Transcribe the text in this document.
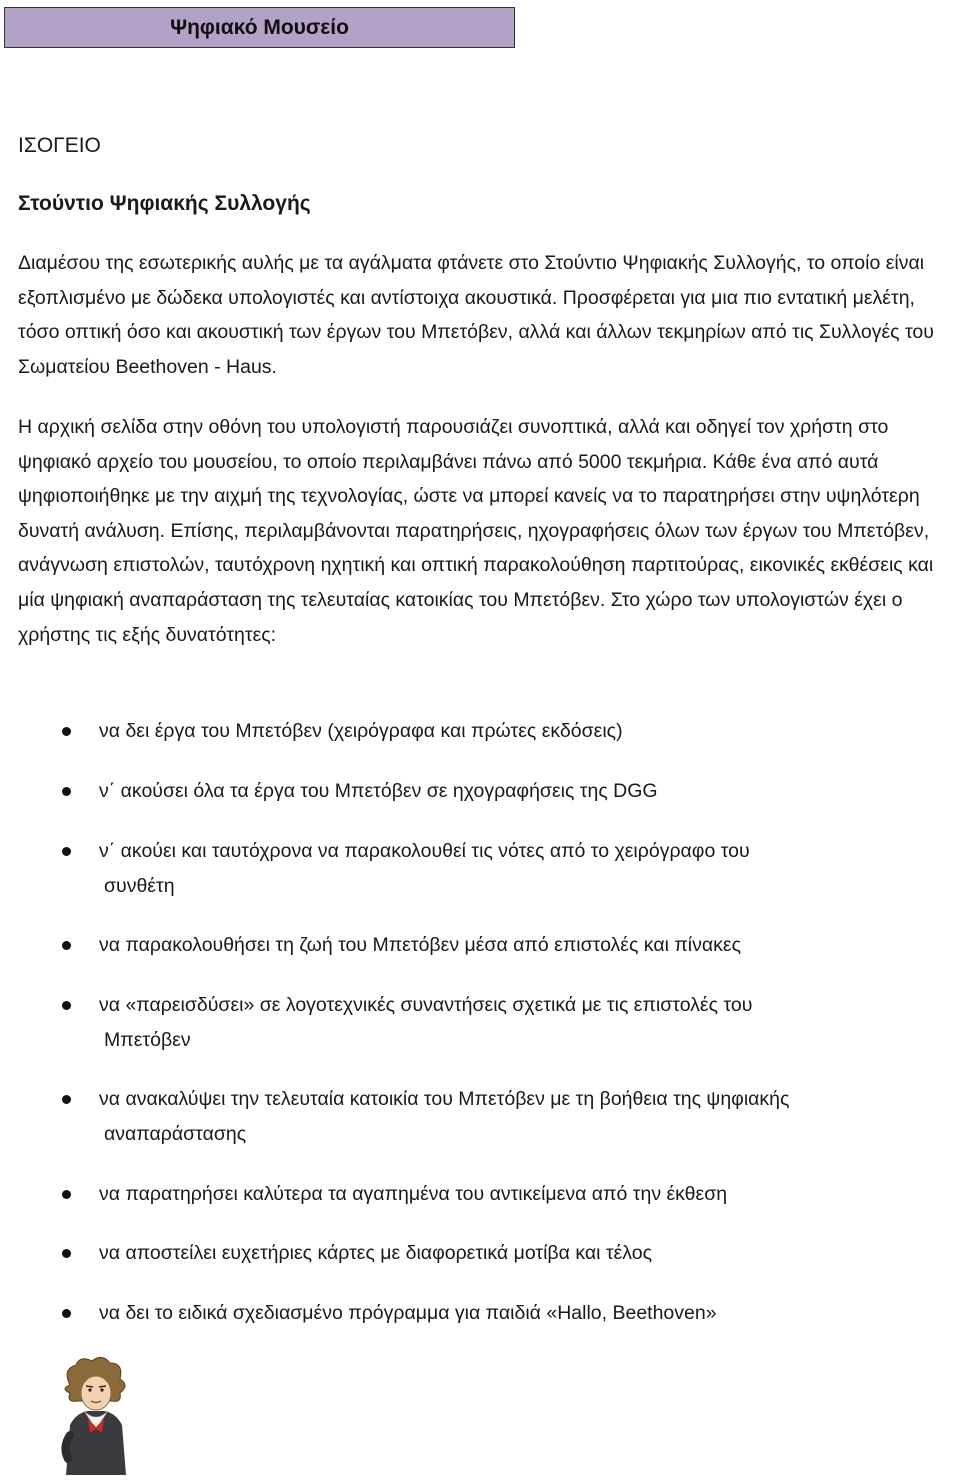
Ψηφιακό Μουσείο
ΙΣΟΓΕΙΟ
Στούντιο Ψηφιακής Συλλογής

Διαμέσου της εσωτερικής αυλής με τα αγάλματα φτάνετε στο Στούντιο Ψηφιακής Συλλογής, το οποίο είναι εξοπλισμένο με δώδεκα υπολογιστές και αντίστοιχα ακουστικά. Προσφέρεται για μια πιο εντατική μελέτη, τόσο οπτική όσο και ακουστική των έργων του Μπετόβεν, αλλά και άλλων τεκμηρίων από τις Συλλογές του Σωματείου Beethoven - Haus.

Η αρχική σελίδα στην οθόνη του υπολογιστή παρουσιάζει συνοπτικά, αλλά και οδηγεί τον χρήστη στο ψηφιακό αρχείο του μουσείου, το οποίο περιλαμβάνει πάνω από 5000 τεκμήρια. Κάθε ένα από αυτά ψηφιοποιήθηκε με την αιχμή της τεχνολογίας, ώστε να μπορεί κανείς να το παρατηρήσει στην υψηλότερη δυνατή ανάλυση. Επίσης, περιλαμβάνονται παρατηρήσεις, ηχογραφήσεις όλων των έργων του Μπετόβεν, ανάγνωση επιστολών, ταυτόχρονη ηχητική και οπτική παρακολούθηση παρτιτούρας, εικονικές εκθέσεις και μία ψηφιακή αναπαράσταση της τελευταίας κατοικίας του Μπετόβεν. Στο χώρο των υπολογιστών έχει ο χρήστης τις εξής δυνατότητες:

να δει έργα του Μπετόβεν (χειρόγραφα και πρώτες εκδόσεις)
ν΄ ακούσει όλα τα έργα του Μπετόβεν σε ηχογραφήσεις της DGG
ν΄ ακούει και ταυτόχρονα να παρακολουθεί τις νότες από το χειρόγραφο του
συνθέτη
να παρακολουθήσει τη ζωή του Μπετόβεν μέσα από επιστολές και πίνακες
να «παρεισδύσει» σε λογοτεχνικές συναντήσεις σχετικά με τις επιστολές του
Μπετόβεν
να ανακαλύψει την τελευταία κατοικία του Μπετόβεν με τη βοήθεια της ψηφιακής
αναπαράστασης
να παρατηρήσει καλύτερα τα αγαπημένα του αντικείμενα από την έκθεση
να αποστείλει ευχετήριες κάρτες με διαφορετικά μοτίβα και τέλος
να δει το ειδικά σχεδιασμένο πρόγραμμα για παιδιά «Hallo, Beethoven»
